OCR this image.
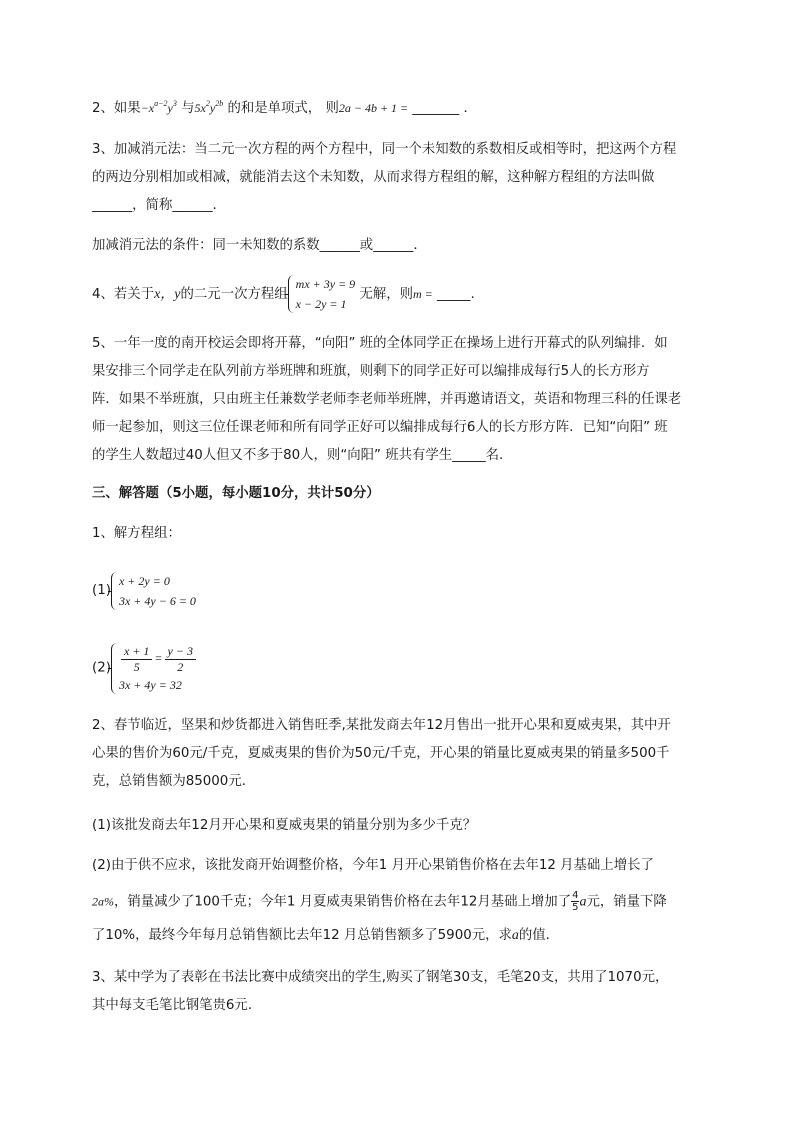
2、如果$-x^{a-2}y^3$ 与$5x^2y^{2b}$ 的和是单项式， 则2a − 4b + 1 = _______ ．
3、加减消元法：当二元一次方程的两个方程中，同一个未知数的系数相反或相等时，把这两个方程
的两边分别相加或相减，就能消去这个未知数，从而求得方程组的解，这种解方程组的方法叫做
______，简称______．
加减消元法的条件：同一未知数的系数______或______．
4、若关于x，y的二元一次方程组
mx + 3y = 9
x − 2y = 1
无解，则m = _____.
5、一年一度的南开校运会即将开幕，“向阳” 班的全体同学正在操场上进行开幕式的队列编排．如
果安排三个同学走在队列前方举班牌和班旗，则剩下的同学正好可以编排成每行5人的长方形方
阵．如果不举班旗，只由班主任兼数学老师李老师举班牌，并再邀请语文，英语和物理三科的任课老
师一起参加，则这三位任课老师和所有同学正好可以编排成每行6人的长方形方阵．已知“向阳” 班
的学生人数超过40人但又不多于80人，则“向阳” 班共有学生_____名．
三、解答题（5小题，每小题10分，共计50分）
1、解方程组：
(1)
x + 2y = 0
3x + 4y − 6 = 0
$(2) \frac{x + 1}{5} = \frac{y - 3}{2}$
3x + 4y = 32
2、春节临近，坚果和炒货都进入销售旺季,某批发商去年12月售出一批开心果和夏威夷果，其中开
心果的售价为60元/千克，夏威夷果的售价为50元/千克，开心果的销量比夏威夷果的销量多500千
克，总销售额为85000元．
(1)该批发商去年12月开心果和夏威夷果的销量分别为多少千克？
(2)由于供不应求，该批发商开始调整价格，今年1 月开心果销售价格在去年12 月基础上增长了
2a%，销量减少了100千克；今年1 月夏威夷果销售价格在去年12月基础上增加了 $\frac{4}{5}$ a元，销量下降
了10%，最终今年每月总销售额比去年12 月总销售额多了5900元，求a的值．
3、某中学为了表彰在书法比赛中成绩突出的学生,购买了钢笔30支，毛笔20支，共用了1070元，
其中每支毛笔比钢笔贵6元．
